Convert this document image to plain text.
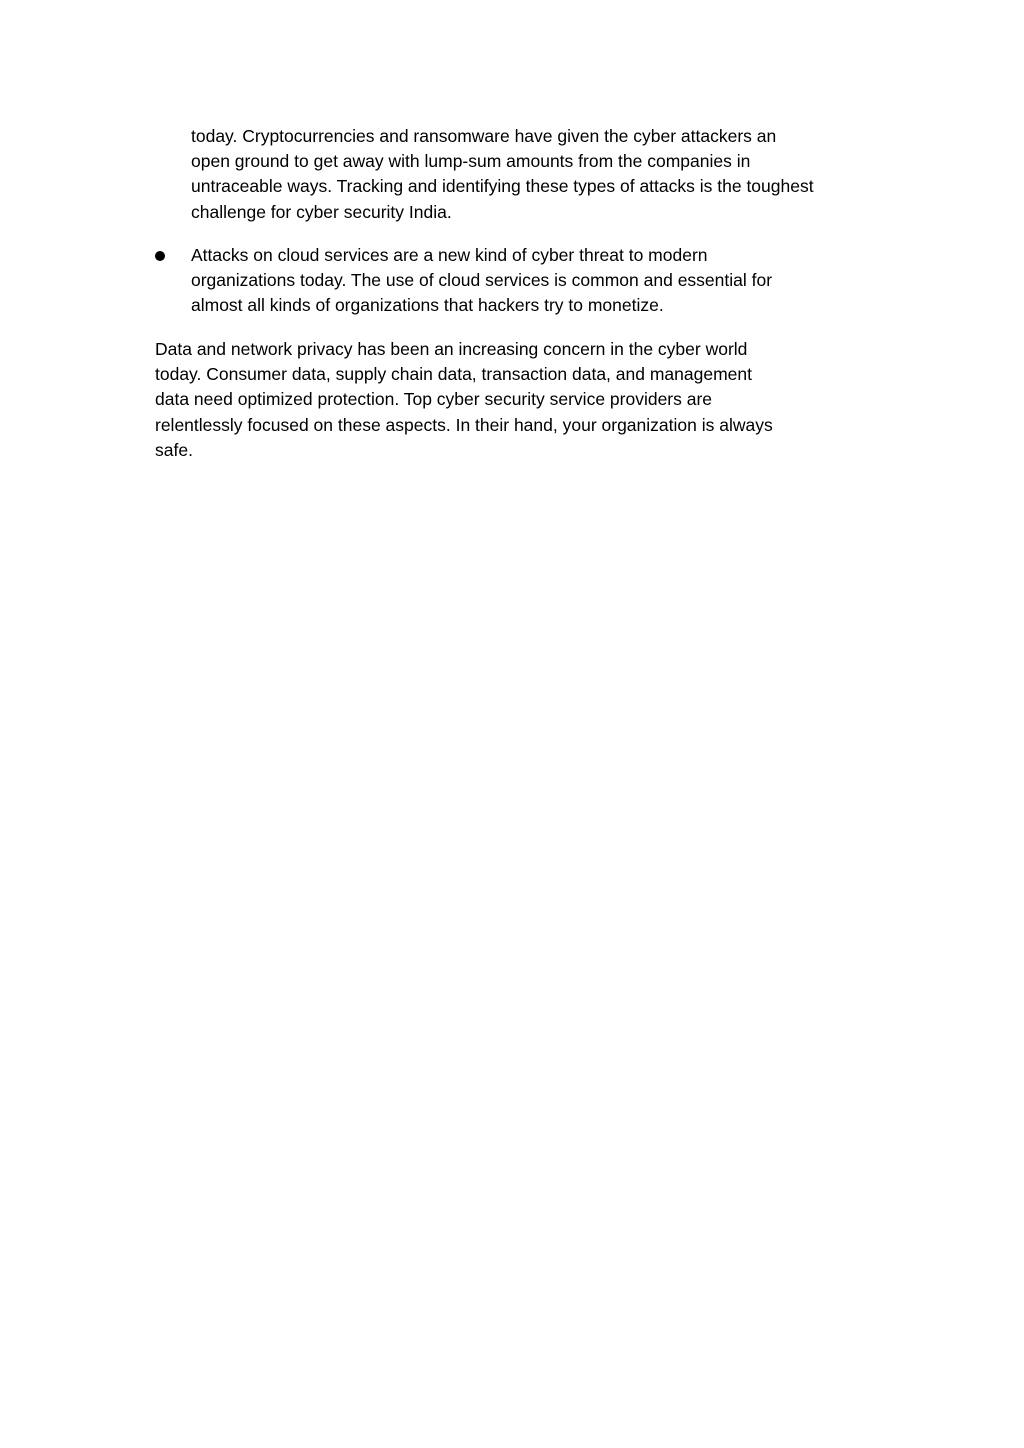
today. Cryptocurrencies and ransomware have given the cyber attackers an
open ground to get away with lump-sum amounts from the companies in
untraceable ways. Tracking and identifying these types of attacks is the toughest
challenge for cyber security India.
Attacks on cloud services are a new kind of cyber threat to modern
organizations today. The use of cloud services is common and essential for
almost all kinds of organizations that hackers try to monetize.
Data and network privacy has been an increasing concern in the cyber world
today. Consumer data, supply chain data, transaction data, and management
data need optimized protection. Top cyber security service providers are
relentlessly focused on these aspects. In their hand, your organization is always
safe.
